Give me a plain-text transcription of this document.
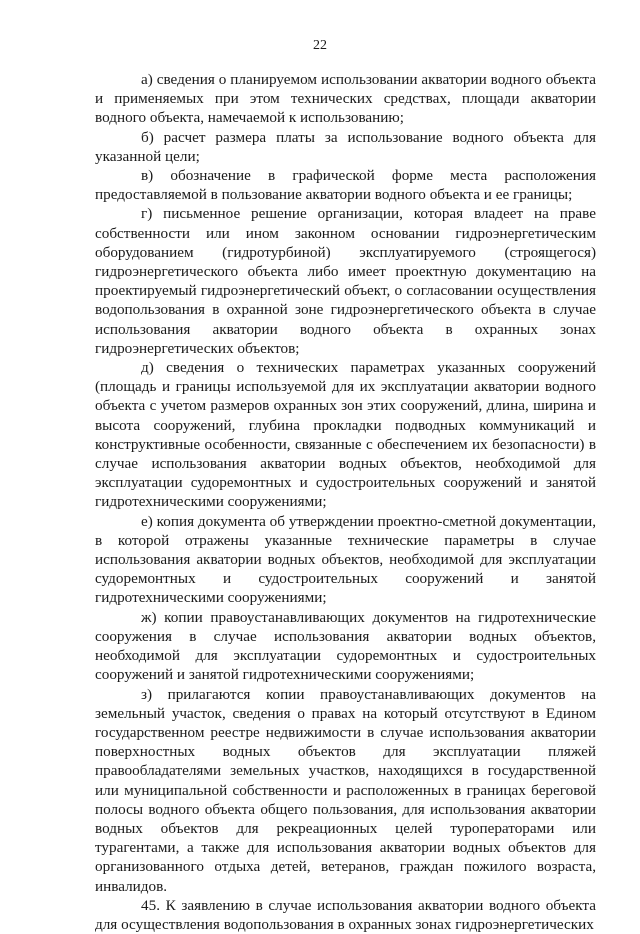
22

а) сведения о планируемом использовании акватории водного объекта и применяемых при этом технических средствах, площади акватории водного объекта, намечаемой к использованию;

б) расчет размера платы за использование водного объекта для указанной цели;

в) обозначение в графической форме места расположения предоставляемой в пользование акватории водного объекта и ее границы;

г) письменное решение организации, которая владеет на праве собственности или ином законном основании гидроэнергетическим оборудованием (гидротурбиной) эксплуатируемого (строящегося) гидроэнергетического объекта либо имеет проектную документацию на проектируемый гидроэнергетический объект, о согласовании осуществления водопользования в охранной зоне гидроэнергетического объекта в случае использования акватории водного объекта в охранных зонах гидроэнергетических объектов;

д) сведения о технических параметрах указанных сооружений (площадь и границы используемой для их эксплуатации акватории водного объекта с учетом размеров охранных зон этих сооружений, длина, ширина и высота сооружений, глубина прокладки подводных коммуникаций и конструктивные особенности, связанные с обеспечением их безопасности) в случае использования акватории водных объектов, необходимой для эксплуатации судоремонтных и судостроительных сооружений и занятой гидротехническими сооружениями;

е) копия документа об утверждении проектно-сметной документации, в которой отражены указанные технические параметры в случае использования акватории водных объектов, необходимой для эксплуатации судоремонтных и судостроительных сооружений и занятой гидротехническими сооружениями;

ж) копии правоустанавливающих документов на гидротехнические сооружения в случае использования акватории водных объектов, необходимой для эксплуатации судоремонтных и судостроительных сооружений и занятой гидротехническими сооружениями;

з) прилагаются копии правоустанавливающих документов на земельный участок, сведения о правах на который отсутствуют в Едином государственном реестре недвижимости в случае использования акватории поверхностных водных объектов для эксплуатации пляжей правообладателями земельных участков, находящихся в государственной или муниципальной собственности и расположенных в границах береговой полосы водного объекта общего пользования, для использования акватории водных объектов для рекреационных целей туроператорами или турагентами, а также для использования акватории водных объектов для организованного отдыха детей, ветеранов, граждан пожилого возраста, инвалидов.

45. К заявлению в случае использования акватории водного объекта для осуществления водопользования в охранных зонах гидроэнергетических
